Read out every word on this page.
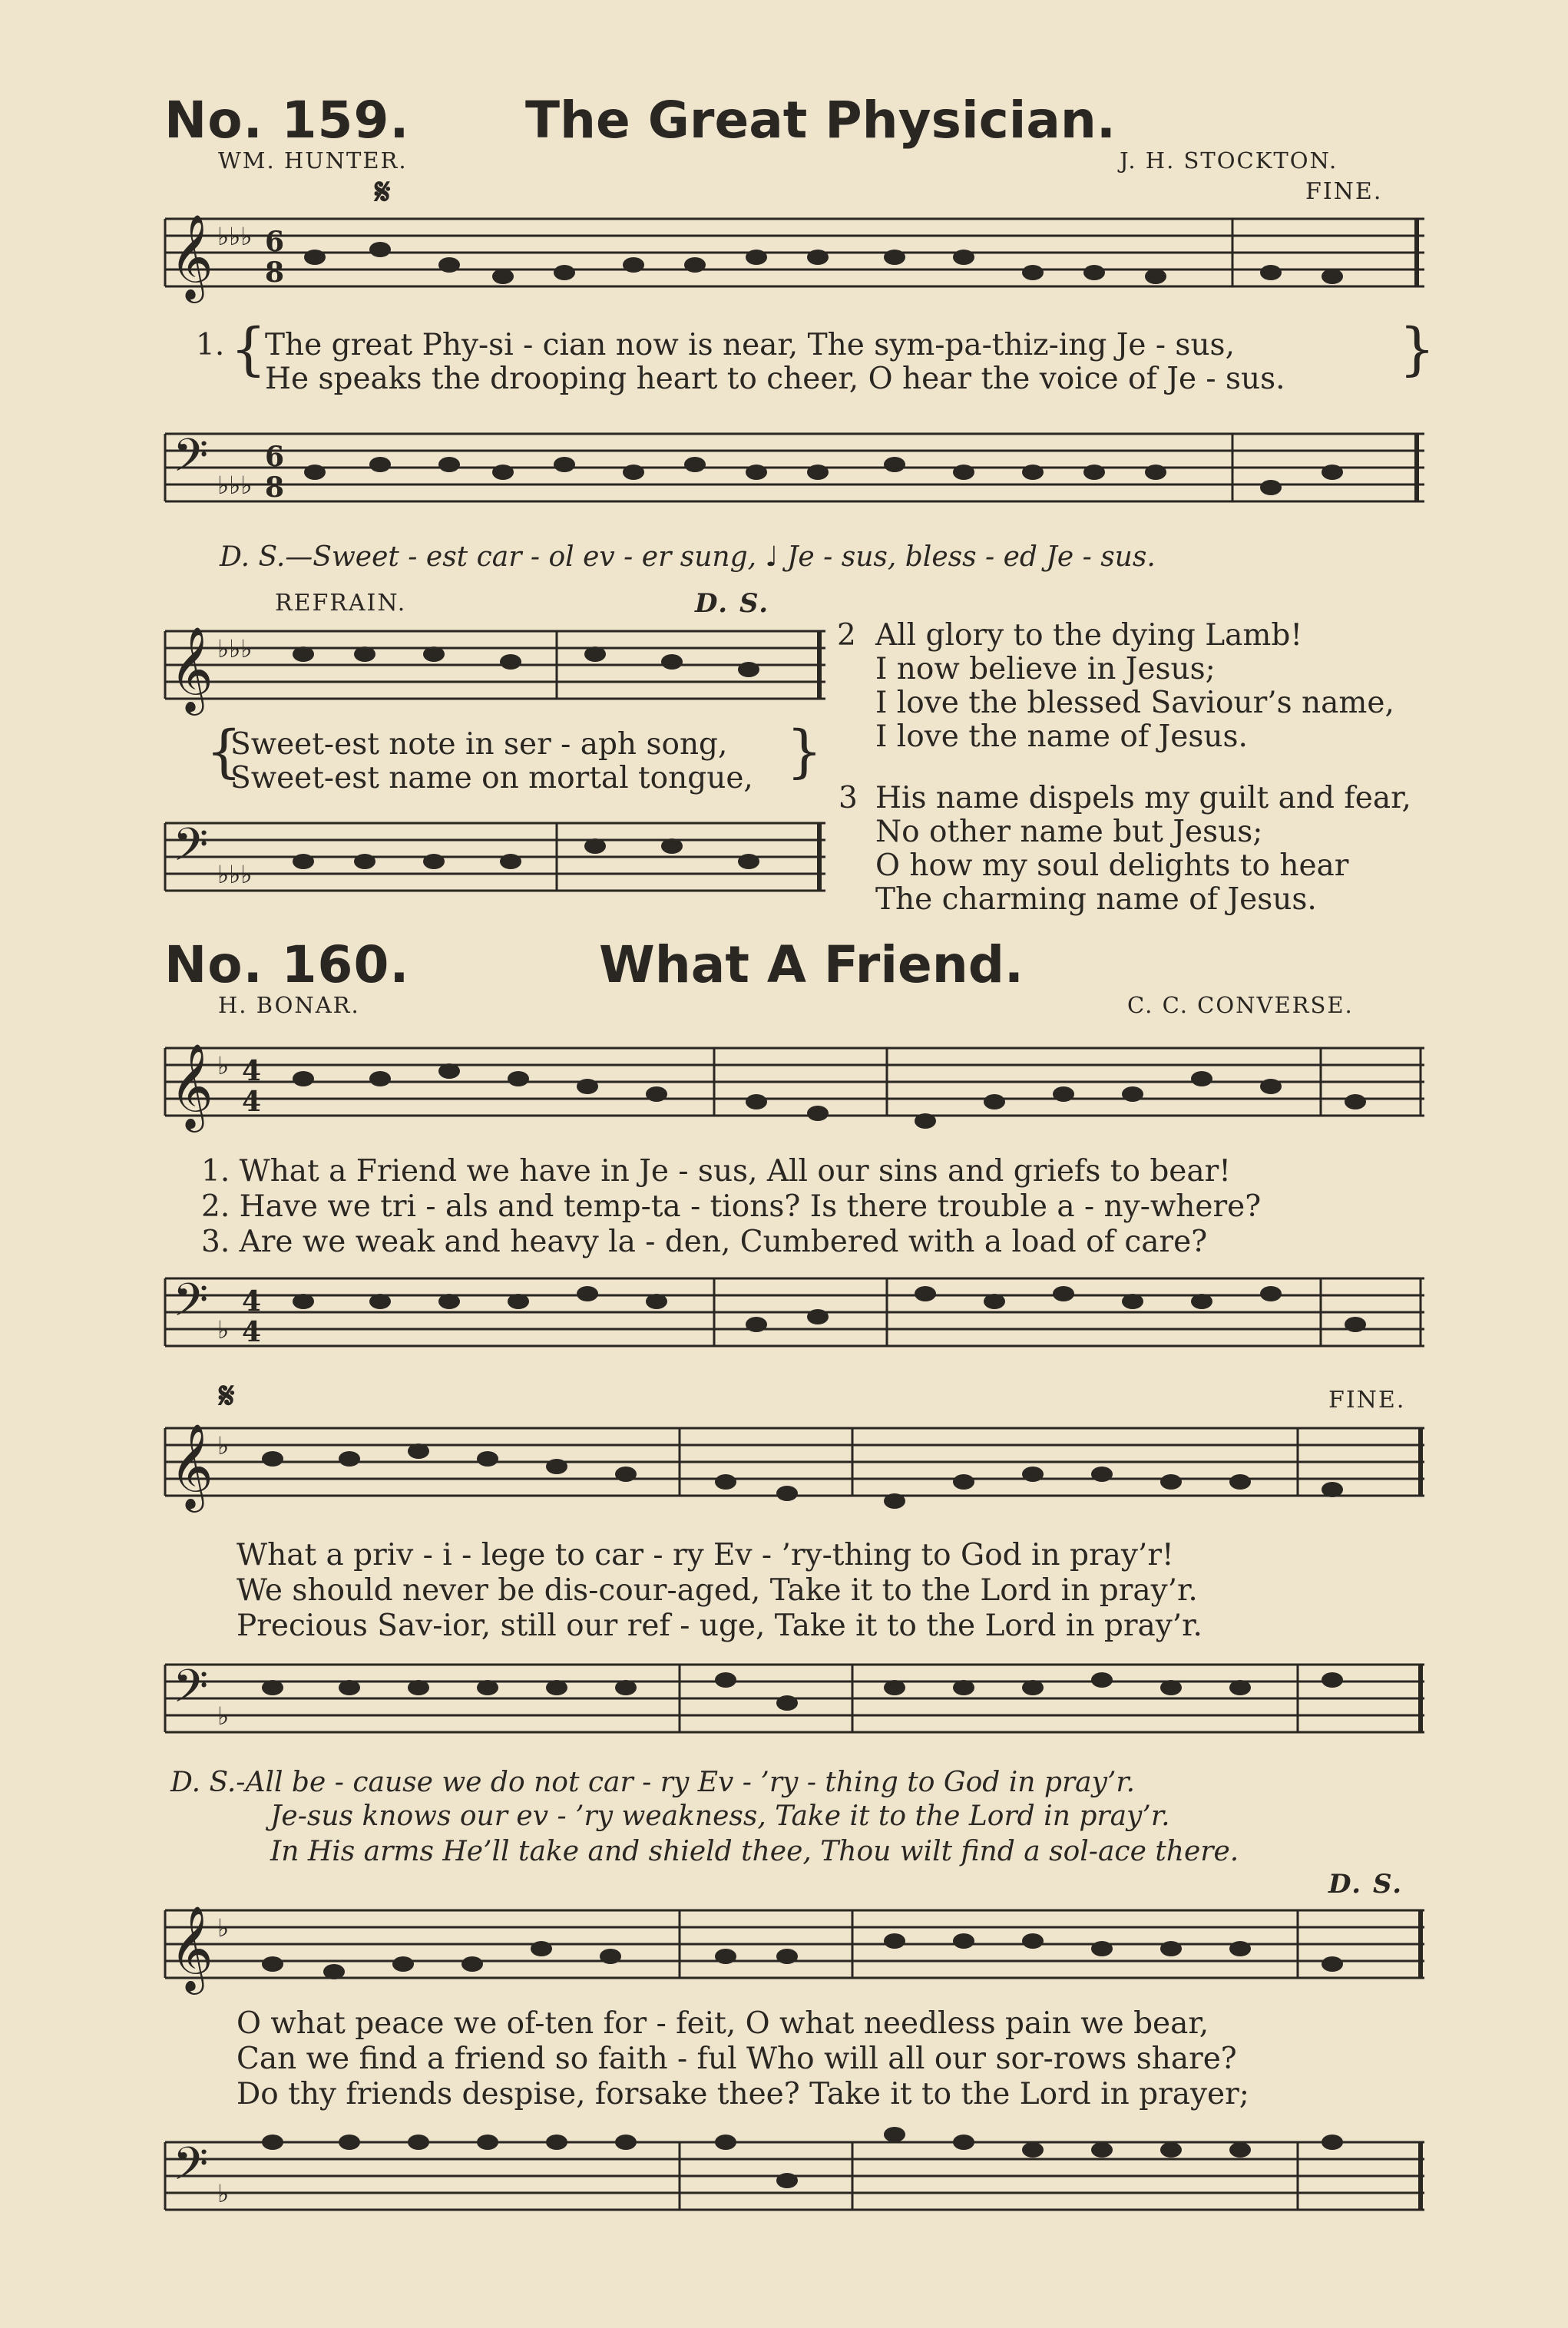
No. 159. The Great Physician.
WM. HUNTER.	J. H. STOCKTON.
𝄋	FINE.
𝄞 ♭♭♭ 6
8
1. {
The great Phy-si - cian now is near, The sym-pa-thiz-ing Je - sus,
He speaks the drooping heart to cheer, O hear the voice of Je - sus. }
𝄢 ♭♭♭
6
8
D. S.—Sweet - est car - ol ev - er sung, ♩ Je - sus, bless - ed Je - sus.
REFRAIN.	D. S.
𝄞 ♭♭♭
{
Sweet-est note in ser - aph song,
Sweet-est name on mortal tongue, }
𝄢 ♭♭♭
2 All glory to the dying Lamb!
I now believe in Jesus;
I love the blessed Saviour’s name,
I love the name of Jesus.
3 His name dispels my guilt and fear,
No other name but Jesus;
O how my soul delights to hear
The charming name of Jesus.
No. 160.	What A Friend.
H. BONAR.	C. C. CONVERSE.
𝄞 ♭ 4
4
1. What a Friend we have in Je - sus, All our sins and griefs to bear!
2. Have we tri - als and temp-ta - tions? Is there trouble a - ny-where?
3. Are we weak and heavy la - den, Cumbered with a load of care?
𝄢 ♭
4
4
𝄋	FINE.
𝄞 ♭
What a priv - i - lege to car - ry Ev - ’ry-thing to God in pray’r!
We should never be dis-cour-aged, Take it to the Lord in pray’r.
Precious Sav-ior, still our ref - uge, Take it to the Lord in pray’r.
𝄢 ♭
D. S.-All be - cause we do not car - ry Ev - ’ry - thing to God in pray’r.
Je-sus knows our ev - ’ry weakness, Take it to the Lord in pray’r.
In His arms He’ll take and shield thee, Thou wilt find a sol-ace there.
D. S.
𝄞 ♭
O what peace we of-ten for - feit, O what needless pain we bear,
Can we find a friend so faith - ful Who will all our sor-rows share?
Do thy friends despise, forsake thee? Take it to the Lord in prayer;
𝄢 ♭
